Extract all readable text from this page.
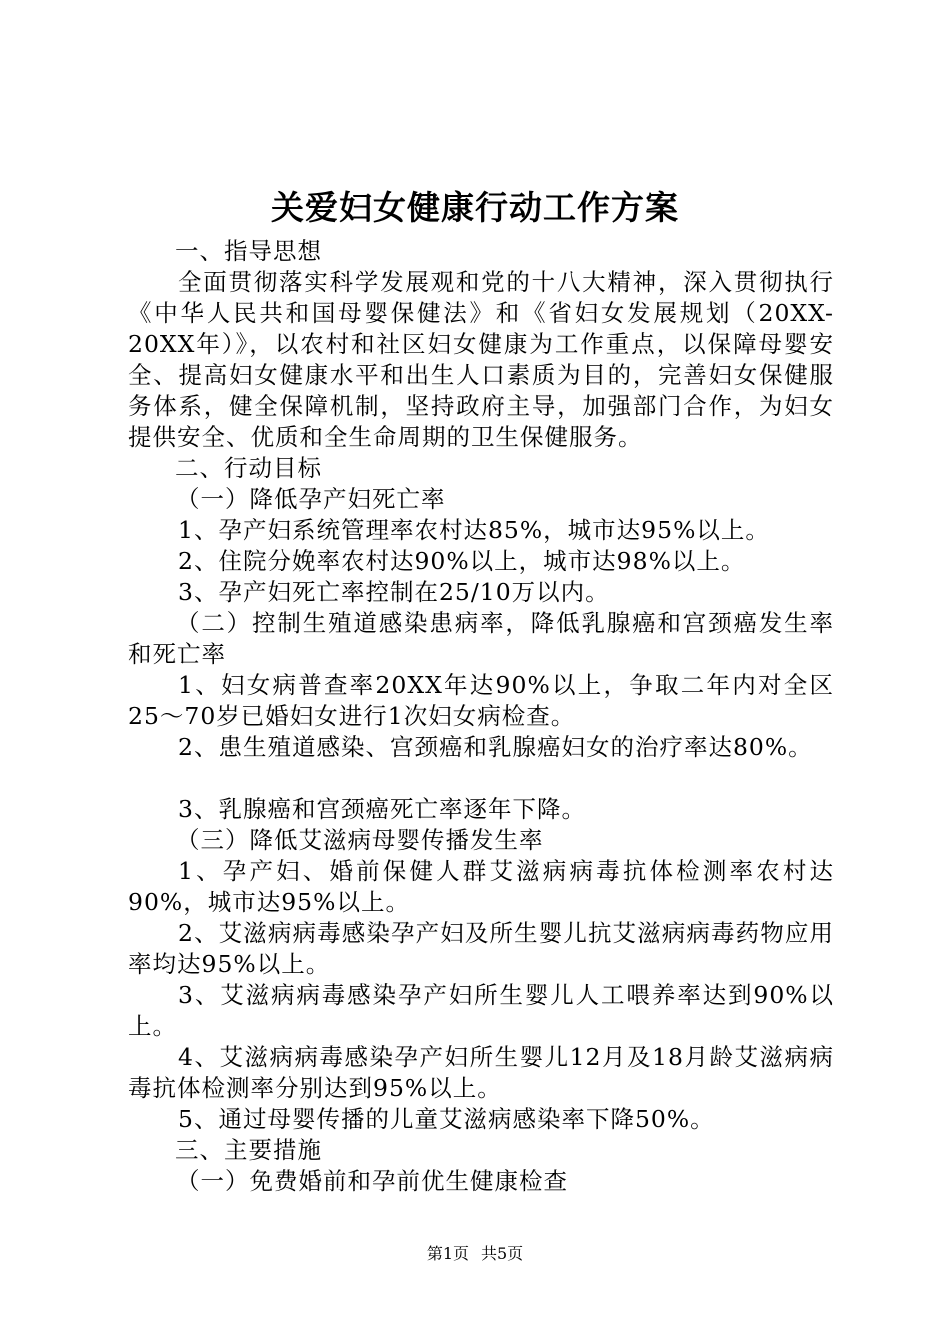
关爱妇女健康行动工作方案

一、指导思想

全面贯彻落实科学发展观和党的十八大精神，深入贯彻执行《中华人民共和国母婴保健法》和《省妇女发展规划（20XX-20XX年）》，以农村和社区妇女健康为工作重点，以保障母婴安全、提高妇女健康水平和出生人口素质为目的，完善妇女保健服务体系，健全保障机制，坚持政府主导，加强部门合作，为妇女提供安全、优质和全生命周期的卫生保健服务。

二、行动目标

（一）降低孕产妇死亡率

1、孕产妇系统管理率农村达85%，城市达95%以上。

2、住院分娩率农村达90%以上，城市达98%以上。

3、孕产妇死亡率控制在25/10万以内。

（二）控制生殖道感染患病率，降低乳腺癌和宫颈癌发生率和死亡率

1、妇女病普查率20XX年达90%以上，争取二年内对全区25～70岁已婚妇女进行1次妇女病检查。

2、患生殖道感染、宫颈癌和乳腺癌妇女的治疗率达80%。

3、乳腺癌和宫颈癌死亡率逐年下降。

（三）降低艾滋病母婴传播发生率

1、孕产妇、婚前保健人群艾滋病病毒抗体检测率农村达90%，城市达95%以上。

2、艾滋病病毒感染孕产妇及所生婴儿抗艾滋病病毒药物应用率均达95%以上。

3、艾滋病病毒感染孕产妇所生婴儿人工喂养率达到90%以上。

4、艾滋病病毒感染孕产妇所生婴儿12月及18月龄艾滋病病毒抗体检测率分别达到95%以上。

5、通过母婴传播的儿童艾滋病感染率下降50%。

三、主要措施

（一）免费婚前和孕前优生健康检查

第1页 共5页
